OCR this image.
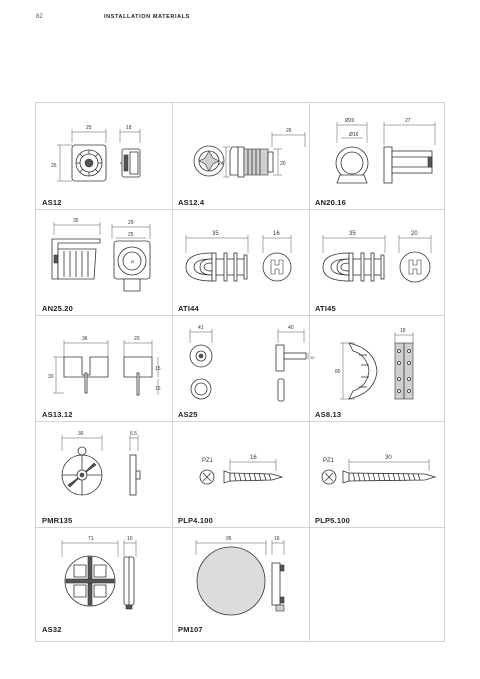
82	INSTALLATION MATERIALS
25	18
26
AS12
26
24	20
AS12.4
Ø20
Ø16
27
AN20.16
35	29
25
Ø
AN25.20
35	16
ATI44
35	20
ATI45
36	20
30
15
15
AS13.12
41	40
10
AS25
18
80
AS8.13
36	6.5
PMR135
PZ1	16
PLP4.100
PZ1	30
PLP5.100
71	10
AS32
95	16
PM107
